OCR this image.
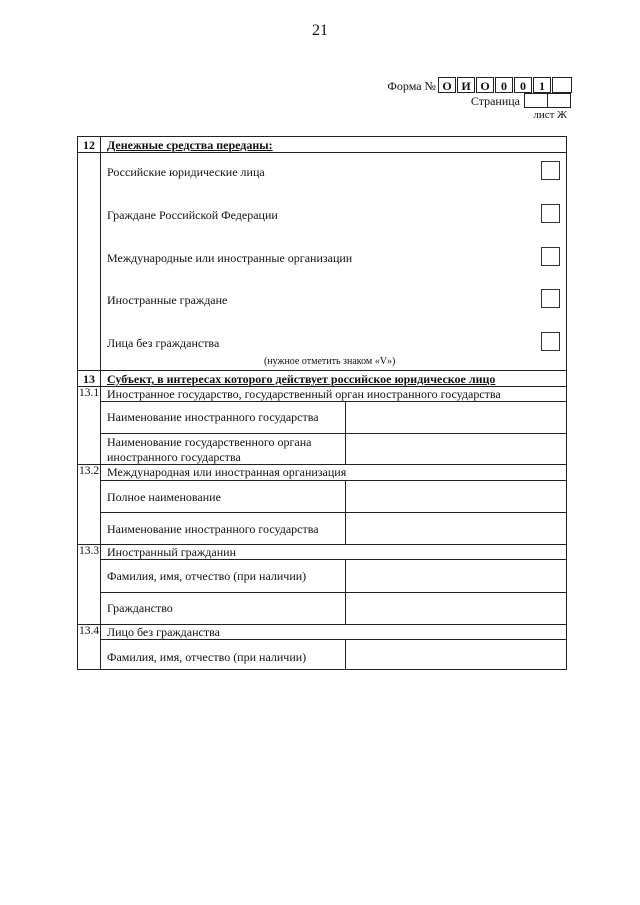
21
Форма № О И О 0	0	1
Страница
лист Ж
12	Денежные средства переданы:
Российские юридические лица
Граждане Российской Федерации
Международные или иностранные организации
Иностранные граждане
Лица без гражданства
(нужное отметить знаком «V»)
13	Субъект, в интересах которого действует российское юридическое лицо
13.1 Иностранное государство, государственный орган иностранного государства
Наименование иностранного государства
Наименование государственного органа иностранного государства
13.2 Международная или иностранная организация
Полное наименование
Наименование иностранного государства
13.3 Иностранный гражданин
Фамилия, имя, отчество (при наличии)
Гражданство
13.4 Лицо без гражданства
Фамилия, имя, отчество (при наличии)
